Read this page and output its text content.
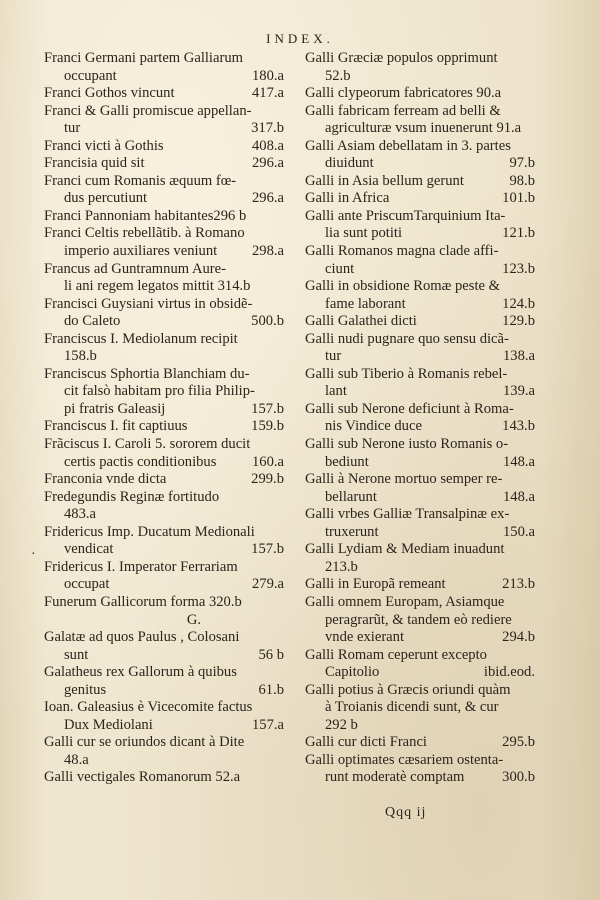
INDEX.
·
Franci Germani partem Galliarum
180.a
occupant
417.a
Franci Gothos vincunt
Franci & Galli promiscue appellan-
317.b
tur
408.a
Franci victi à Gothis
296.a
Francisia quid sit
Franci cum Romanis æquum fœ-
296.a
dus percutiunt
Franci Pannoniam habitantes296 b
Franci Celtis rebellãtib. à Romano
298.a
imperio auxiliares veniunt
Francus ad Guntramnum Aure-
li ani regem legatos mittit 314.b
Francisci Guysiani virtus in obsidẽ-
500.b
do Caleto
Franciscus I. Mediolanum recipit
158.b
Franciscus Sphortia Blanchiam du-
cit falsò habitam pro filia Philip-
157.b
pi fratris Galeasij
159.b
Franciscus I. fit captiuus
Frãciscus I. Caroli 5. sororem ducit
160.a
certis pactis conditionibus
299.b
Franconia vnde dicta
Fredegundis Reginæ fortitudo
483.a
Fridericus Imp. Ducatum Medionali
157.b
vendicat
Fridericus I. Imperator Ferrariam
279.a
occupat
Funerum Gallicorum forma 320.b
G.
Galatæ ad quos Paulus , Colosani
56 b
sunt
Galatheus rex Gallorum à quibus
61.b
genitus
Ioan. Galeasius è Vicecomite factus
157.a
Dux Mediolani
Galli cur se oriundos dicant à Dite
48.a
Galli vectigales Romanorum 52.a
Galli Græciæ populos opprimunt
52.b
Galli clypeorum fabricatores 90.a
Galli fabricam ferream ad belli &
agriculturæ vsum inuenerunt 91.a
Galli Asiam debellatam in 3. partes
97.b
diuidunt
98.b
Galli in Asia bellum gerunt
101.b
Galli in Africa
Galli ante PriscumTarquinium Ita-
121.b
lia sunt potiti
Galli Romanos magna clade affi-
123.b
ciunt
Galli in obsidione Romæ peste &
124.b
fame laborant
129.b
Galli Galathei dicti
Galli nudi pugnare quo sensu dicã-
138.a
tur
Galli sub Tiberio à Romanis rebel-
139.a
lant
Galli sub Nerone deficiunt à Roma-
143.b
nis Vindice duce
Galli sub Nerone iusto Romanis o-
148.a
bediunt
Galli à Nerone mortuo semper re-
148.a
bellarunt
Galli vrbes Galliæ Transalpinæ ex-
150.a
truxerunt
Galli Lydiam & Mediam inuadunt
213.b
213.b
Galli in Europã remeant
Galli omnem Europam, Asiamque
peragrarũt, & tandem eò rediere
294.b
vnde exierant
Galli Romam ceperunt excepto
ibid.eod.
Capitolio
Galli potius à Græcis oriundi quàm
à Troianis dicendi sunt, & cur
292 b
295.b
Galli cur dicti Franci
Galli optimates cæsariem ostenta-
300.b
runt moderatè comptam
Qqq ij
